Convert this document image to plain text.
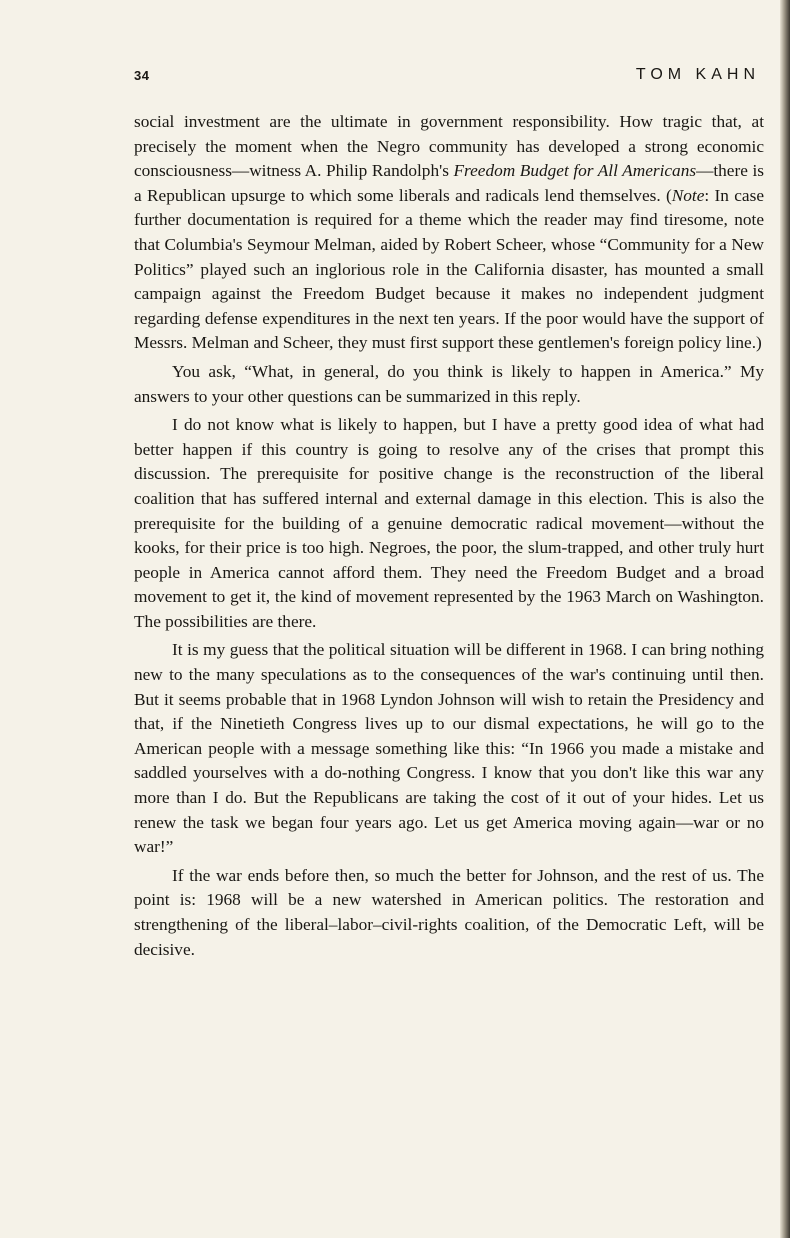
34	TOM KAHN

social investment are the ultimate in government responsibility. How tragic that, at precisely the moment when the Negro community has developed a strong economic consciousness—witness A. Philip Randolph's Freedom Budget for All Americans—there is a Republican upsurge to which some liberals and radicals lend themselves. (Note: In case further documentation is required for a theme which the reader may find tiresome, note that Columbia's Seymour Melman, aided by Robert Scheer, whose “Community for a New Politics” played such an inglorious role in the California disaster, has mounted a small campaign against the Freedom Budget because it makes no independent judgment regarding defense expenditures in the next ten years. If the poor would have the support of Messrs. Melman and Scheer, they must first support these gentlemen's foreign policy line.)

You ask, “What, in general, do you think is likely to happen in America.” My answers to your other questions can be summarized in this reply.

I do not know what is likely to happen, but I have a pretty good idea of what had better happen if this country is going to resolve any of the crises that prompt this discussion. The prerequisite for positive change is the reconstruction of the liberal coalition that has suffered internal and external damage in this election. This is also the prerequisite for the building of a genuine democratic radical movement—without the kooks, for their price is too high. Negroes, the poor, the slum-trapped, and other truly hurt people in America cannot afford them. They need the Freedom Budget and a broad movement to get it, the kind of movement represented by the 1963 March on Washington. The possibilities are there.

It is my guess that the political situation will be different in 1968. I can bring nothing new to the many speculations as to the consequences of the war's continuing until then. But it seems probable that in 1968 Lyndon Johnson will wish to retain the Presidency and that, if the Ninetieth Congress lives up to our dismal expectations, he will go to the American people with a message something like this: “In 1966 you made a mistake and saddled yourselves with a do-nothing Congress. I know that you don't like this war any more than I do. But the Republicans are taking the cost of it out of your hides. Let us renew the task we began four years ago. Let us get America moving again—war or no war!”

If the war ends before then, so much the better for Johnson, and the rest of us. The point is: 1968 will be a new watershed in American politics. The restoration and strengthening of the liberal–labor–civil-rights coalition, of the Democratic Left, will be decisive.
